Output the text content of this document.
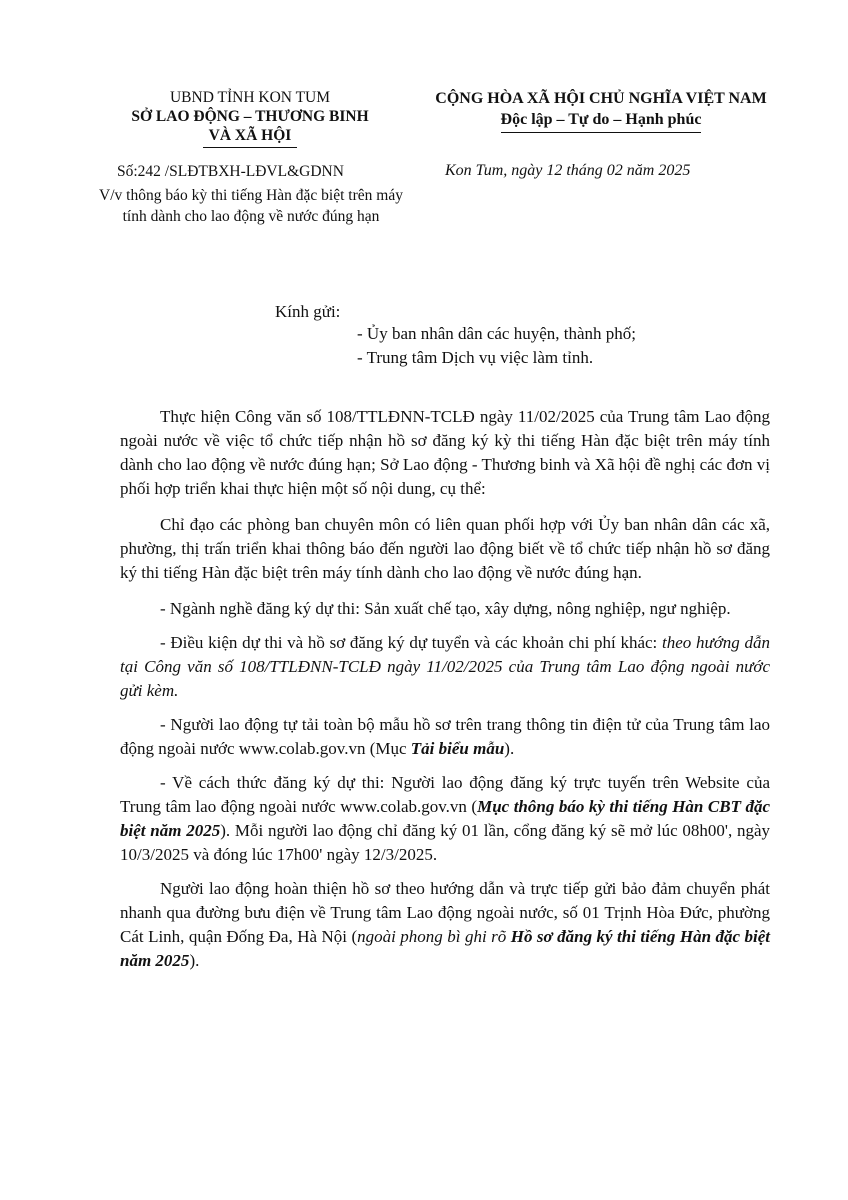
UBND TỈNH KON TUM
SỞ LAO ĐỘNG – THƯƠNG BINH
VÀ XÃ HỘI
CỘNG HÒA XÃ HỘI CHỦ NGHĨA VIỆT NAM
Độc lập – Tự do – Hạnh phúc
Số:242 /SLĐTBXH-LĐVL&GDNN
V/v thông báo kỳ thi tiếng Hàn đặc biệt trên máy tính dành cho lao động về nước đúng hạn
Kon Tum, ngày 12 tháng 02 năm 2025
Kính gửi:
- Ủy ban nhân dân các huyện, thành phố;
- Trung tâm Dịch vụ việc làm tỉnh.

Thực hiện Công văn số 108/TTLĐNN-TCLĐ ngày 11/02/2025 của Trung tâm Lao động ngoài nước về việc tổ chức tiếp nhận hồ sơ đăng ký kỳ thi tiếng Hàn đặc biệt trên máy tính dành cho lao động về nước đúng hạn; Sở Lao động - Thương binh và Xã hội đề nghị các đơn vị phối hợp triển khai thực hiện một số nội dung, cụ thể:

Chỉ đạo các phòng ban chuyên môn có liên quan phối hợp với Ủy ban nhân dân các xã, phường, thị trấn triển khai thông báo đến người lao động biết về tổ chức tiếp nhận hồ sơ đăng ký thi tiếng Hàn đặc biệt trên máy tính dành cho lao động về nước đúng hạn.

- Ngành nghề đăng ký dự thi: Sản xuất chế tạo, xây dựng, nông nghiệp, ngư nghiệp.

- Điều kiện dự thi và hồ sơ đăng ký dự tuyển và các khoản chi phí khác: theo hướng dẫn tại Công văn số 108/TTLĐNN-TCLĐ ngày 11/02/2025 của Trung tâm Lao động ngoài nước gửi kèm.

- Người lao động tự tải toàn bộ mẫu hồ sơ trên trang thông tin điện tử của Trung tâm lao động ngoài nước www.colab.gov.vn (Mục Tải biểu mẫu).

- Về cách thức đăng ký dự thi: Người lao động đăng ký trực tuyến trên Website của Trung tâm lao động ngoài nước www.colab.gov.vn (Mục thông báo kỳ thi tiếng Hàn CBT đặc biệt năm 2025). Mỗi người lao động chỉ đăng ký 01 lần, cổng đăng ký sẽ mở lúc 08h00', ngày 10/3/2025 và đóng lúc 17h00' ngày 12/3/2025.

Người lao động hoàn thiện hồ sơ theo hướng dẫn và trực tiếp gửi bảo đảm chuyển phát nhanh qua đường bưu điện về Trung tâm Lao động ngoài nước, số 01 Trịnh Hòa Đức, phường Cát Linh, quận Đống Đa, Hà Nội (ngoài phong bì ghi rõ Hồ sơ đăng ký thi tiếng Hàn đặc biệt năm 2025).
